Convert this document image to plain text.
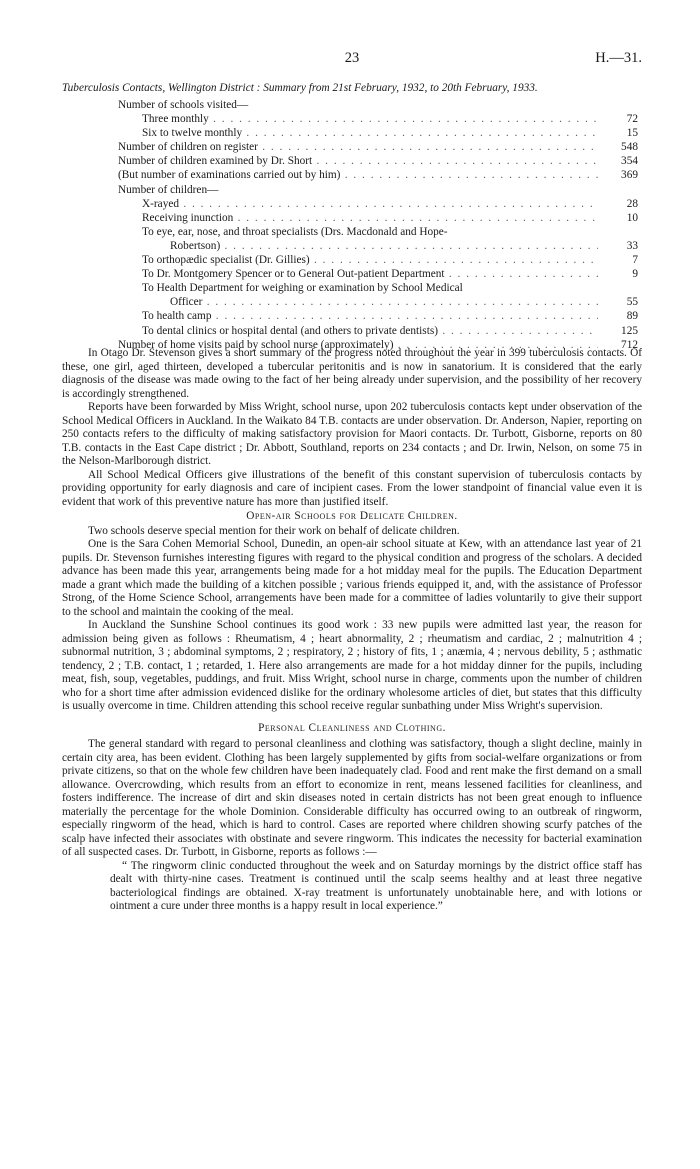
23	H.—31.
Tuberculosis Contacts, Wellington District : Summary from 21st February, 1932, to 20th February, 1933.
Number of schools visited—
Three monthly . . .	72
Six to twelve monthly . . .	15
Number of children on register . . .	548
Number of children examined by Dr. Short . . .	354
(But number of examinations carried out by him) . . .	369
Number of children—
X-rayed . . .	28
Receiving inunction . . .	10
To eye, ear, nose, and throat specialists (Drs. Macdonald and Hope-
Robertson) . . .	33
To orthopædic specialist (Dr. Gillies) . . .	7
To Dr. Montgomery Spencer or to General Out-patient Department . . .	9
To Health Department for weighing or examination by School Medical
Officer . . .	55
To health camp . . .	89
To dental clinics or hospital dental (and others to private dentists) . . .	125
Number of home visits paid by school nurse (approximately) . . .	712

In Otago Dr. Stevenson gives a short summary of the progress noted throughout the year in 399 tuberculosis contacts. Of these, one girl, aged thirteen, developed a tubercular peritonitis and is now in sanatorium. It is considered that the early diagnosis of the disease was made owing to the fact of her being already under supervision, and the possibility of her recovery is accordingly strengthened.

Reports have been forwarded by Miss Wright, school nurse, upon 202 tuberculosis contacts kept under observation of the School Medical Officers in Auckland. In the Waikato 84 T.B. contacts are under observation. Dr. Anderson, Napier, reporting on 250 contacts refers to the difficulty of making satisfactory provision for Maori contacts. Dr. Turbott, Gisborne, reports on 80 T.B. contacts in the East Cape district ; Dr. Abbott, Southland, reports on 234 contacts ; and Dr. Irwin, Nelson, on some 75 in the Nelson-Marlborough district.

All School Medical Officers give illustrations of the benefit of this constant supervision of tuberculosis contacts by providing opportunity for early diagnosis and care of incipient cases. From the lower standpoint of financial value even it is evident that work of this preventive nature has more than justified itself.

Open-air Schools for Delicate Children.

Two schools deserve special mention for their work on behalf of delicate children.

One is the Sara Cohen Memorial School, Dunedin, an open-air school situate at Kew, with an attendance last year of 21 pupils. Dr. Stevenson furnishes interesting figures with regard to the physical condition and progress of the scholars. A decided advance has been made this year, arrangements being made for a hot midday meal for the pupils. The Education Department made a grant which made the building of a kitchen possible ; various friends equipped it, and, with the assistance of Professor Strong, of the Home Science School, arrangements have been made for a committee of ladies voluntarily to give their support to the school and maintain the cooking of the meal.

In Auckland the Sunshine School continues its good work : 33 new pupils were admitted last year, the reason for admission being given as follows : Rheumatism, 4 ; heart abnormality, 2 ; rheumatism and cardiac, 2 ; malnutrition 4 ; subnormal nutrition, 3 ; abdominal symptoms, 2 ; respiratory, 2 ; history of fits, 1 ; anæmia, 4 ; nervous debility, 5 ; asthmatic tendency, 2 ; T.B. contact, 1 ; retarded, 1. Here also arrangements are made for a hot midday dinner for the pupils, including meat, fish, soup, vegetables, puddings, and fruit. Miss Wright, school nurse in charge, comments upon the number of children who for a short time after admission evidenced dislike for the ordinary wholesome articles of diet, but states that this difficulty is usually overcome in time. Children attending this school receive regular sunbathing under Miss Wright's supervision.

Personal Cleanliness and Clothing.

The general standard with regard to personal cleanliness and clothing was satisfactory, though a slight decline, mainly in certain city area, has been evident. Clothing has been largely supplemented by gifts from social-welfare organizations or from private citizens, so that on the whole few children have been inadequately clad. Food and rent make the first demand on a small allowance. Overcrowding, which results from an effort to economize in rent, means lessened facilities for cleanliness, and fosters indifference. The increase of dirt and skin diseases noted in certain districts has not been great enough to influence materially the percentage for the whole Dominion. Considerable difficulty has occurred owing to an outbreak of ringworm, especially ringworm of the head, which is hard to control. Cases are reported where children showing scurfy patches of the scalp have infected their associates with obstinate and severe ringworm. This indicates the necessity for bacterial examination of all suspected cases. Dr. Turbott, in Gisborne, reports as follows :—

“ The ringworm clinic conducted throughout the week and on Saturday mornings by the district office staff has dealt with thirty-nine cases. Treatment is continued until the scalp seems healthy and at least three negative bacteriological findings are obtained. X-ray treatment is unfortunately unobtainable here, and with lotions or ointment a cure under three months is a happy result in local experience.”
